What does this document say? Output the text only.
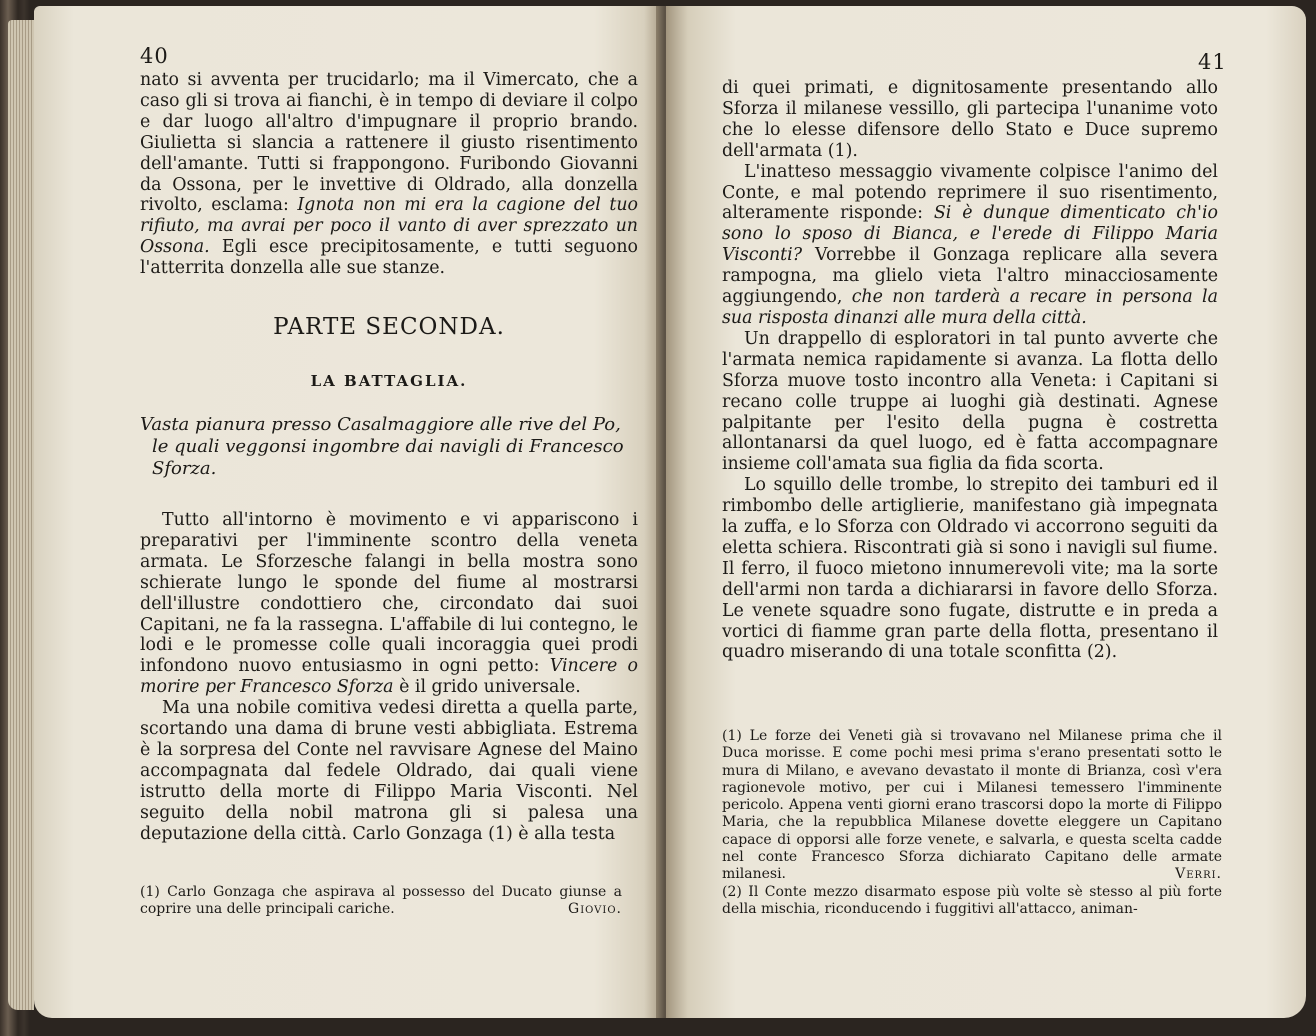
40

nato si avventa per trucidarlo; ma il Vimercato, che a caso gli si trova ai fianchi, è in tempo di deviare il colpo e dar luogo all'altro d'impugnare il proprio brando. Giulietta si slancia a rattenere il giusto risentimento dell'amante. Tutti si frappongono. Furibondo Giovanni da Ossona, per le invettive di Oldrado, alla donzella rivolto, esclama: Ignota non mi era la cagione del tuo rifiuto, ma avrai per poco il vanto di aver sprezzato un Ossona. Egli esce precipitosamente, e tutti seguono l'atterrita donzella alle sue stanze.

PARTE SECONDA.
LA BATTAGLIA.
Vasta pianura presso Casalmaggiore alle rive del Po,
le quali veggonsi ingombre dai navigli di Francesco
Sforza.

Tutto all'intorno è movimento e vi appariscono i preparativi per l'imminente scontro della veneta armata. Le Sforzesche falangi in bella mostra sono schierate lungo le sponde del fiume al mostrarsi dell'illustre condottiero che, circondato dai suoi Capitani, ne fa la rassegna. L'affabile di lui contegno, le lodi e le promesse colle quali incoraggia quei prodi infondono nuovo entusiasmo in ogni petto: Vincere o morire per Francesco Sforza è il grido universale.

Ma una nobile comitiva vedesi diretta a quella parte, scortando una dama di brune vesti abbigliata. Estrema è la sorpresa del Conte nel ravvisare Agnese del Maino accompagnata dal fedele Oldrado, dai quali viene istrutto della morte di Filippo Maria Visconti. Nel seguito della nobil matrona gli si palesa una deputazione della città. Carlo Gonzaga (1) è alla testa

(1) Carlo Gonzaga che aspirava al possesso del Ducato giunse a coprire una delle principali cariche.	Giovio.

41

di quei primati, e dignitosamente presentando allo Sforza il milanese vessillo, gli partecipa l'unanime voto che lo elesse difensore dello Stato e Duce supremo dell'armata (1).

L'inatteso messaggio vivamente colpisce l'animo del Conte, e mal potendo reprimere il suo risentimento, alteramente risponde: Si è dunque dimenticato ch'io sono lo sposo di Bianca, e l'erede di Filippo Maria Visconti? Vorrebbe il Gonzaga replicare alla severa rampogna, ma glielo vieta l'altro minacciosamente aggiungendo, che non tarderà a recare in persona la sua risposta dinanzi alle mura della città.

Un drappello di esploratori in tal punto avverte che l'armata nemica rapidamente si avanza. La flotta dello Sforza muove tosto incontro alla Veneta: i Capitani si recano colle truppe ai luoghi già destinati. Agnese palpitante per l'esito della pugna è costretta allontanarsi da quel luogo, ed è fatta accompagnare insieme coll'amata sua figlia da fida scorta.

Lo squillo delle trombe, lo strepito dei tamburi ed il rimbombo delle artiglierie, manifestano già impegnata la zuffa, e lo Sforza con Oldrado vi accorrono seguiti da eletta schiera. Riscontrati già si sono i navigli sul fiume. Il ferro, il fuoco mietono innumerevoli vite; ma la sorte dell'armi non tarda a dichiararsi in favore dello Sforza. Le venete squadre sono fugate, distrutte e in preda a vortici di fiamme gran parte della flotta, presentano il quadro miserando di una totale sconfitta (2).

(1) Le forze dei Veneti già si trovavano nel Milanese prima che il Duca morisse. E come pochi mesi prima s'erano presentati sotto le mura di Milano, e avevano devastato il monte di Brianza, così v'era ragionevole motivo, per cui i Milanesi temessero l'imminente pericolo. Appena venti giorni erano trascorsi dopo la morte di Filippo Maria, che la repubblica Milanese dovette eleggere un Capitano capace di opporsi alle forze venete, e salvarla, e questa scelta cadde nel conte Francesco Sforza dichiarato Capitano delle armate milanesi.	Verri.

(2) Il Conte mezzo disarmato espose più volte sè stesso al più forte della mischia, riconducendo i fuggitivi all'attacco, animan-
